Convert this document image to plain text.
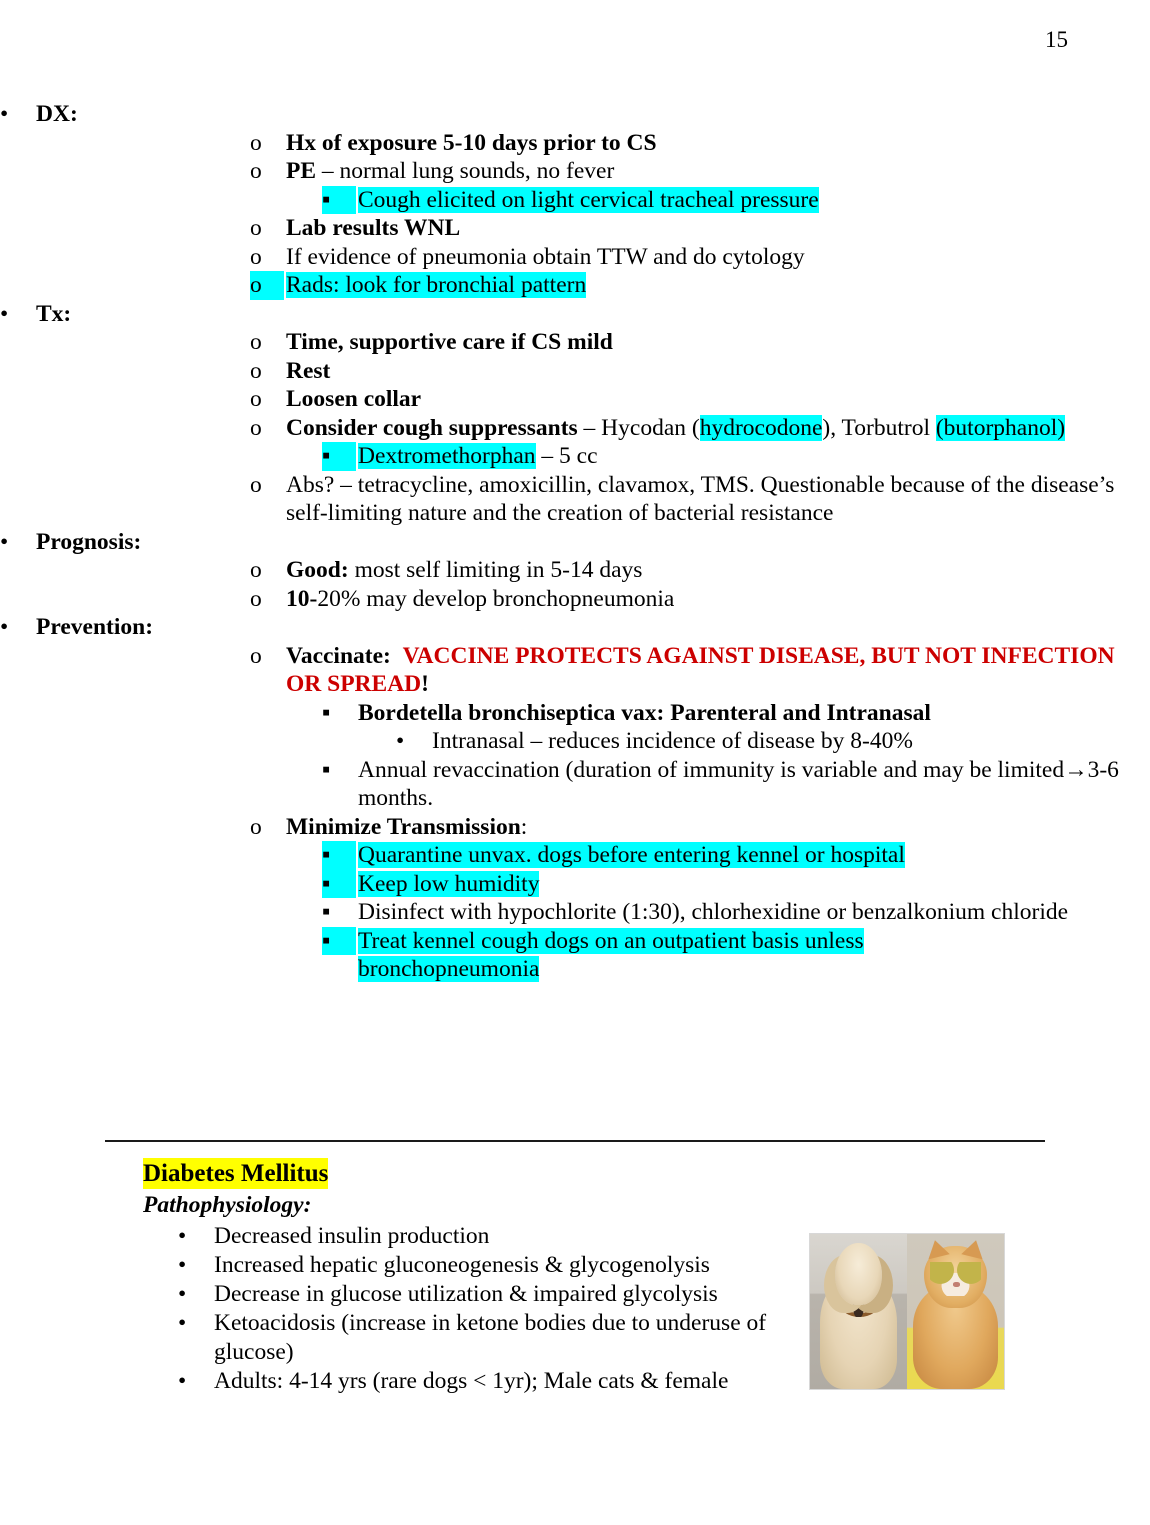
15
•
DX:
o
Hx of exposure 5-10 days prior to CS
o
PE – normal lung sounds, no fever
▪
Cough elicited on light cervical tracheal pressure
o
Lab results WNL
o
If evidence of pneumonia obtain TTW and do cytology
o
Rads: look for bronchial pattern
•
Tx:
o
Time, supportive care if CS mild
o
Rest
o
Loosen collar
o
Consider cough suppressants – Hycodan (hydrocodone), Torbutrol (butorphanol)
▪
Dextromethorphan – 5 cc
o
Abs? – tetracycline, amoxicillin, clavamox, TMS. Questionable because of the disease’s self-limiting nature and the creation of bacterial resistance
•
Prognosis:
o
Good: most self limiting in 5-14 days
o
10-20% may develop bronchopneumonia
•
Prevention:
o
Vaccinate: VACCINE PROTECTS AGAINST DISEASE, BUT NOT INFECTION OR SPREAD!
▪
Bordetella bronchiseptica vax: Parenteral and Intranasal
•
Intranasal – reduces incidence of disease by 8-40%
▪
Annual revaccination (duration of immunity is variable and may be limited→3-6 months.
o
Minimize Transmission:
▪
Quarantine unvax. dogs before entering kennel or hospital
▪
Keep low humidity
▪
Disinfect with hypochlorite (1:30), chlorhexidine or benzalkonium chloride
▪
Treat kennel cough dogs on an outpatient basis unless
bronchopneumonia
Diabetes Mellitus
Pathophysiology:
•
Decreased insulin production
•
Increased hepatic gluconeogenesis & glycogenolysis
•
Decrease in glucose utilization & impaired glycolysis
•
Ketoacidosis (increase in ketone bodies due to underuse of glucose)
•
Adults: 4-14 yrs (rare dogs < 1yr); Male cats & female
